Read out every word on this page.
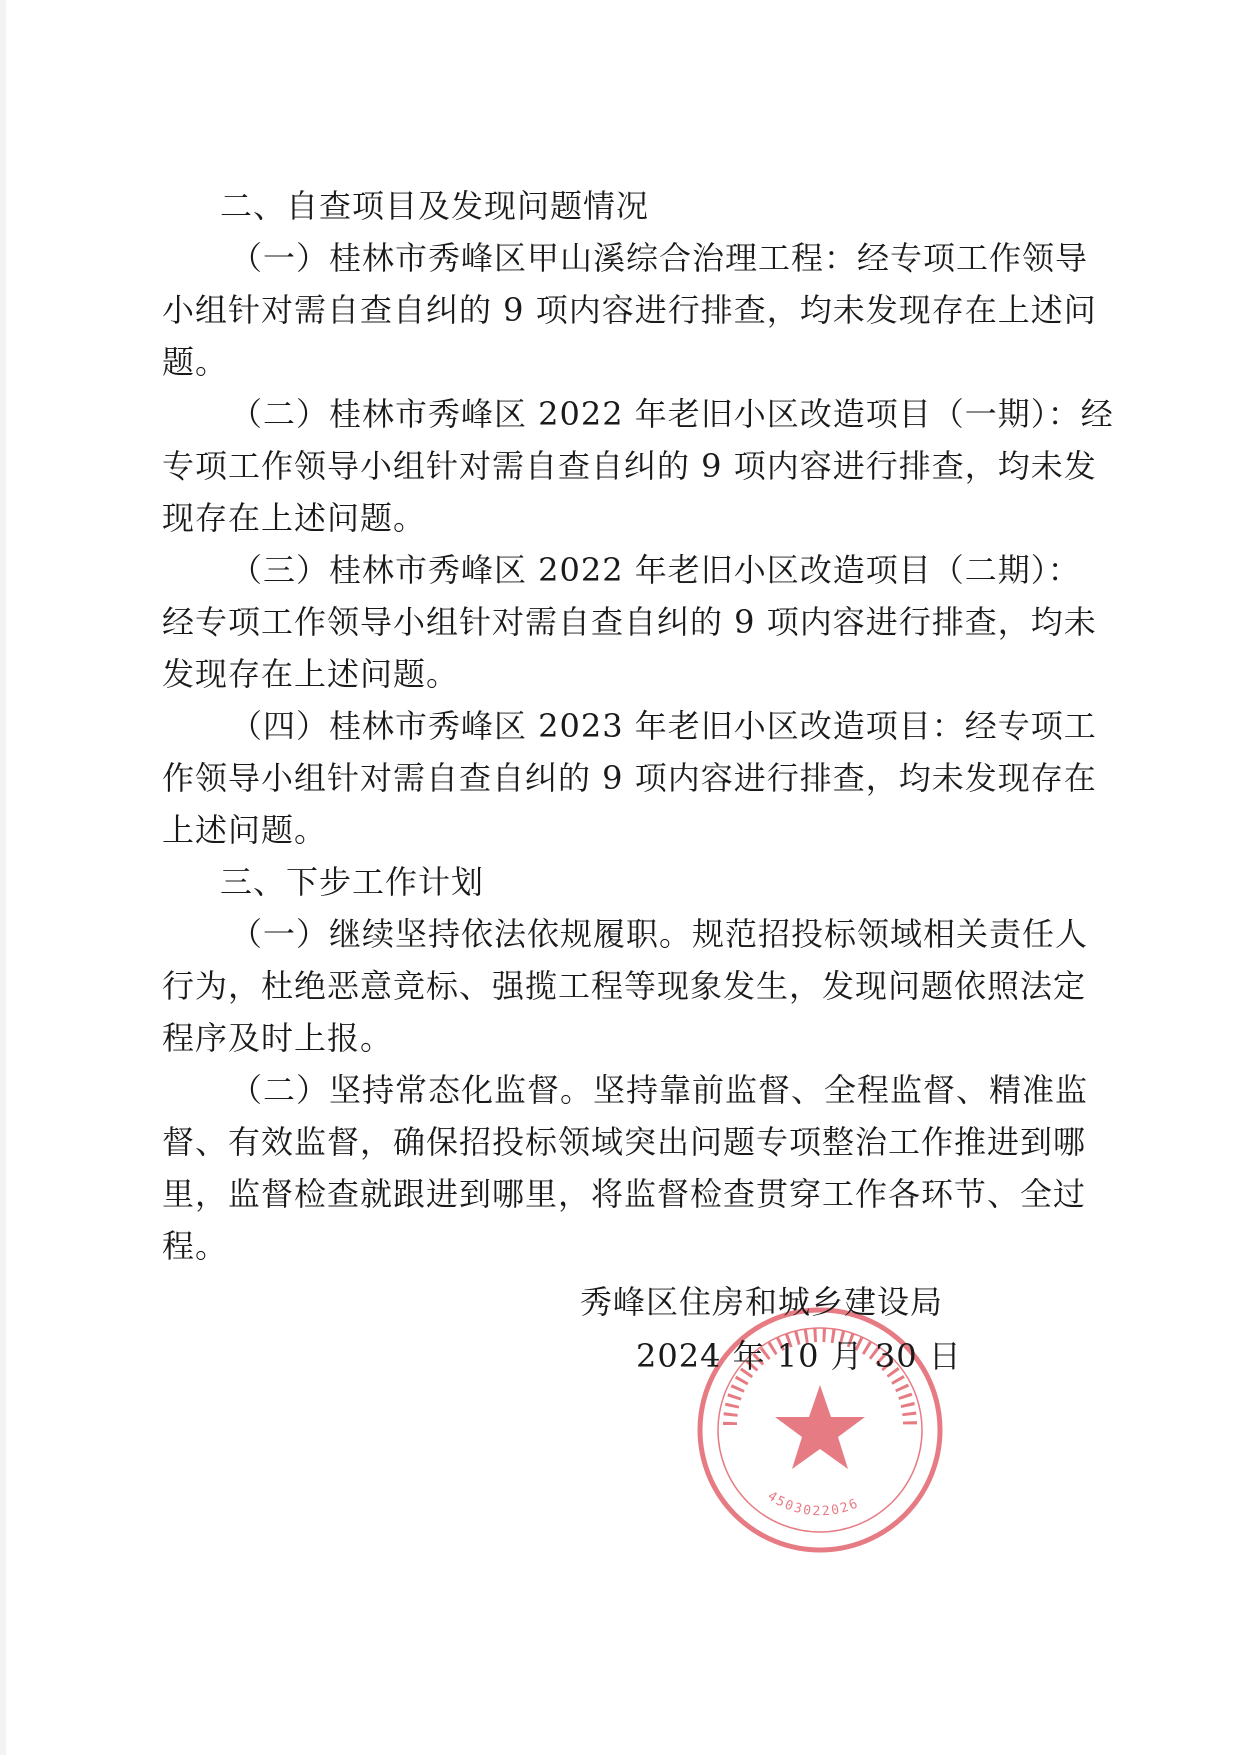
二、自查项目及发现问题情况
（一）桂林市秀峰区甲山溪综合治理工程：经专项工作领导
小组针对需自查自纠的 9 项内容进行排查，均未发现存在上述问
题。
（二）桂林市秀峰区 2022 年老旧小区改造项目（一期）：经
专项工作领导小组针对需自查自纠的 9 项内容进行排查，均未发
现存在上述问题。
（三）桂林市秀峰区 2022 年老旧小区改造项目（二期）：
经专项工作领导小组针对需自查自纠的 9 项内容进行排查，均未
发现存在上述问题。
（四）桂林市秀峰区 2023 年老旧小区改造项目：经专项工
作领导小组针对需自查自纠的 9 项内容进行排查，均未发现存在
上述问题。
三、下步工作计划
（一）继续坚持依法依规履职。规范招投标领域相关责任人
行为，杜绝恶意竞标、强揽工程等现象发生，发现问题依照法定
程序及时上报。
（二）坚持常态化监督。坚持靠前监督、全程监督、精准监
督、有效监督，确保招投标领域突出问题专项整治工作推进到哪
里，监督检查就跟进到哪里，将监督检查贯穿工作各环节、全过
程。
4503022026
秀峰区住房和城乡建设局
2024 年 10 月 30 日
